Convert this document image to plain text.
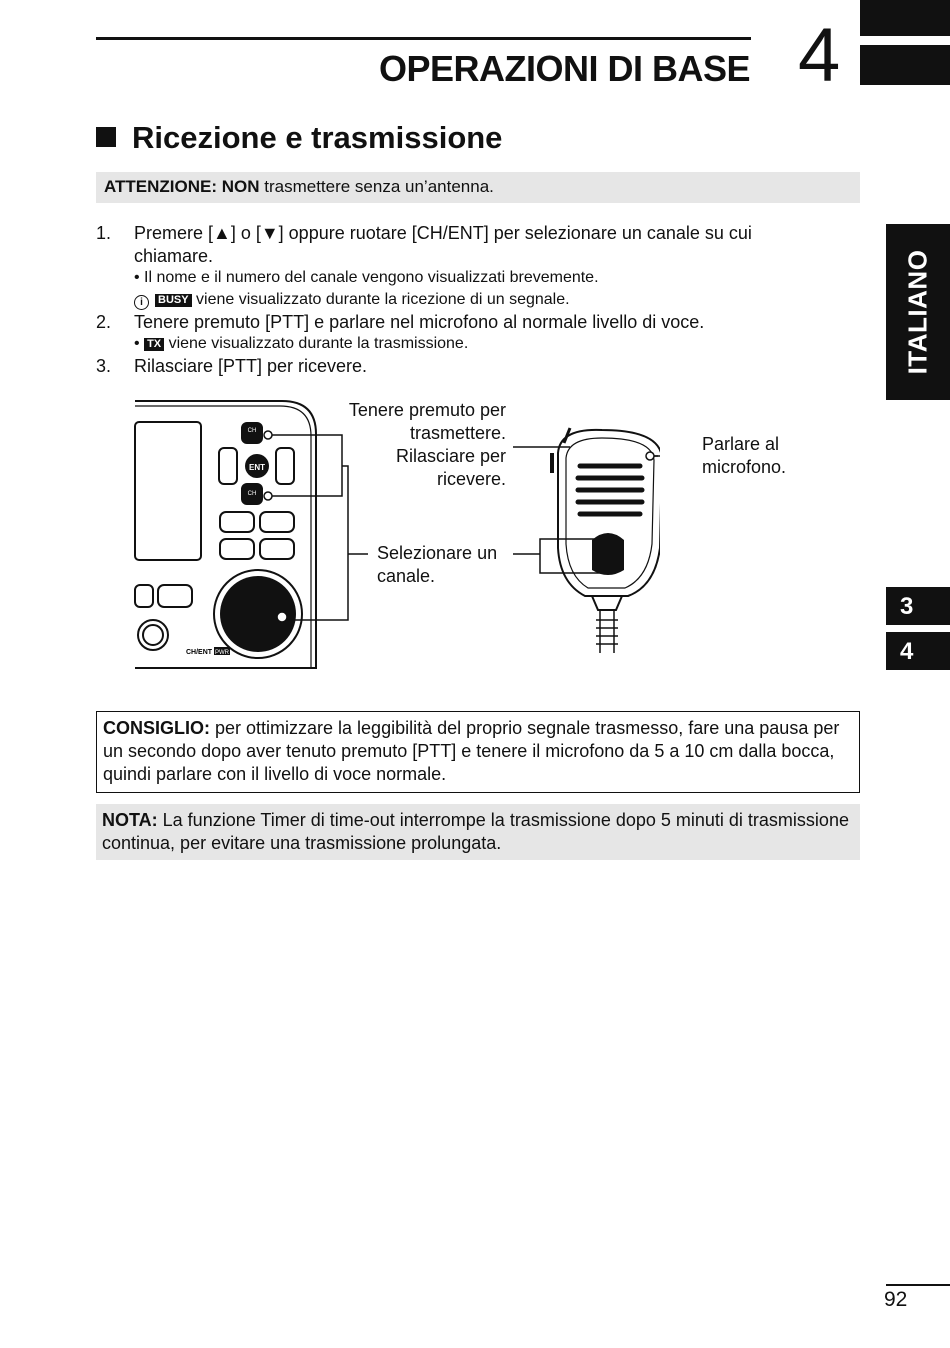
OPERAZIONI DI BASE 4
Ricezione e trasmissione
ATTENZIONE: NON trasmettere senza un’antenna.
1. Premere [▲] o [▼] oppure ruotare [CH/ENT] per selezionare un canale su cui chiamare.
• Il nome e il numero del canale vengono visualizzati brevemente.
i BUSY viene visualizzato durante la ricezione di un segnale.
2. Tenere premuto [PTT] e parlare nel microfono al normale livello di voce.
• TX viene visualizzato durante la trasmissione.
3. Rilasciare [PTT] per ricevere.
ENT
CH
CH
CH/ENT PWR
Tenere premuto per trasmettere. Rilasciare per ricevere.
Parlare al microfono.
Selezionare un canale.
CONSIGLIO: per ottimizzare la leggibilità del proprio segnale trasmesso, fare una pausa per un secondo dopo aver tenuto premuto [PTT] e tenere il microfono da 5 a 10 cm dalla bocca, quindi parlare con il livello di voce normale.
NOTA: La funzione Timer di time-out interrompe la trasmissione dopo 5 minuti di trasmissione continua, per evitare una trasmissione prolungata.
ITALIANO
3
4
92
